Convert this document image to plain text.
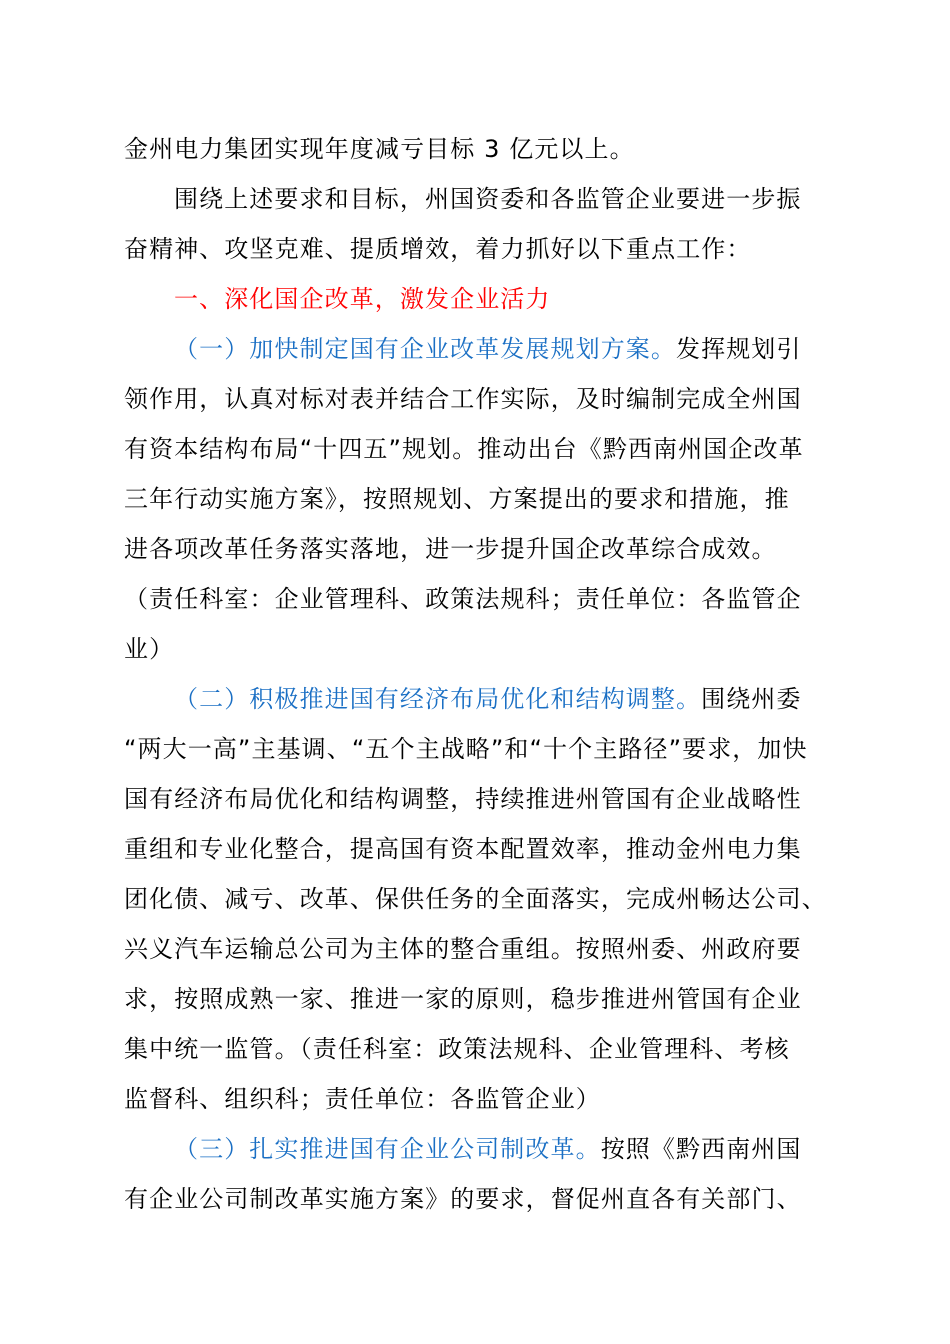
金州电力集团实现年度减亏目标 3 亿元以上。
围绕上述要求和目标，州国资委和各监管企业要进一步振
奋精神、攻坚克难、提质增效，着力抓好以下重点工作：
一、深化国企改革，激发企业活力
（一）加快制定国有企业改革发展规划方案。发挥规划引
领作用，认真对标对表并结合工作实际，及时编制完成全州国
有资本结构布局“十四五”规划。推动出台《黔西南州国企改革
三年行动实施方案》，按照规划、方案提出的要求和措施，推
进各项改革任务落实落地，进一步提升国企改革综合成效。
（责任科室：企业管理科、政策法规科；责任单位：各监管企
业）
（二）积极推进国有经济布局优化和结构调整。围绕州委
“两大一高”主基调、“五个主战略”和“十个主路径”要求，加快
国有经济布局优化和结构调整，持续推进州管国有企业战略性
重组和专业化整合，提高国有资本配置效率，推动金州电力集
团化债、减亏、改革、保供任务的全面落实，完成州畅达公司、
兴义汽车运输总公司为主体的整合重组。按照州委、州政府要
求，按照成熟一家、推进一家的原则，稳步推进州管国有企业
集中统一监管。（责任科室：政策法规科、企业管理科、考核
监督科、组织科；责任单位：各监管企业）
（三）扎实推进国有企业公司制改革。按照《黔西南州国
有企业公司制改革实施方案》的要求，督促州直各有关部门、
